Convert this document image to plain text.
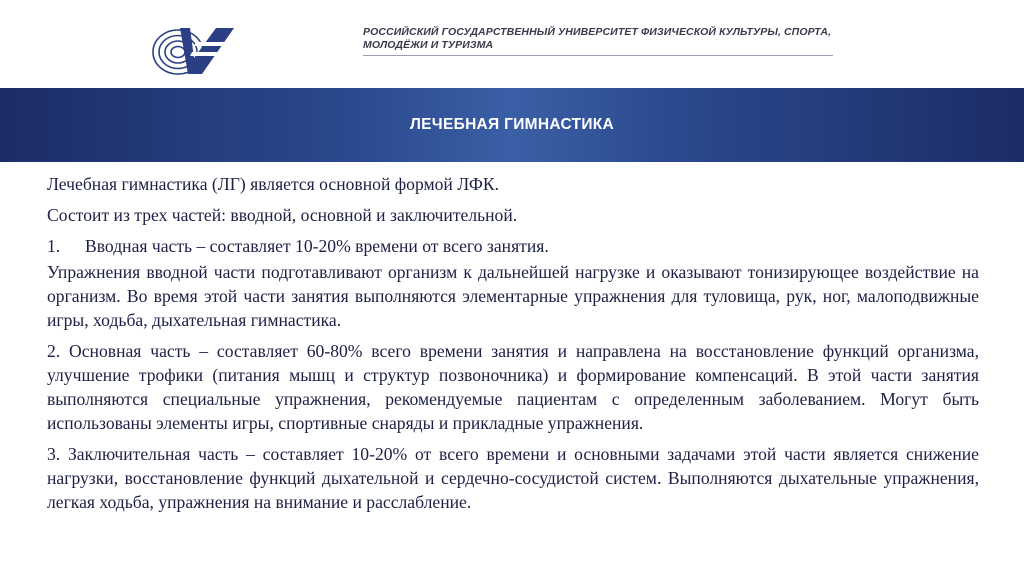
РОССИЙСКИЙ ГОСУДАРСТВЕННЫЙ УНИВЕРСИТЕТ ФИЗИЧЕСКОЙ КУЛЬТУРЫ, СПОРТА,
МОЛОДЁЖИ И ТУРИЗМА
ЛЕЧЕБНАЯ ГИМНАСТИКА

Лечебная гимнастика (ЛГ) является основной формой ЛФК.

Состоит из трех частей: вводной, основной и заключительной.

1. Вводная часть – составляет 10-20% времени от всего занятия.

Упражнения вводной части подготавливают организм к дальнейшей нагрузке и оказывают тонизирующее воздействие на организм. Во время этой части занятия выполняются элементарные упражнения для туловища, рук, ног, малоподвижные игры, ходьба, дыхательная гимнастика.

2. Основная часть – составляет 60-80% всего времени занятия и направлена на восстановление функций организма, улучшение трофики (питания мышц и структур позвоночника) и формирование компенсаций. В этой части занятия выполняются специальные упражнения, рекомендуемые пациентам с определенным заболеванием. Могут быть использованы элементы игры, спортивные снаряды и прикладные упражнения.

3. Заключительная часть – составляет 10-20% от всего времени и основными задачами этой части является снижение нагрузки, восстановление функций дыхательной и сердечно-сосудистой систем. Выполняются дыхательные упражнения, легкая ходьба, упражнения на внимание и расслабление.
